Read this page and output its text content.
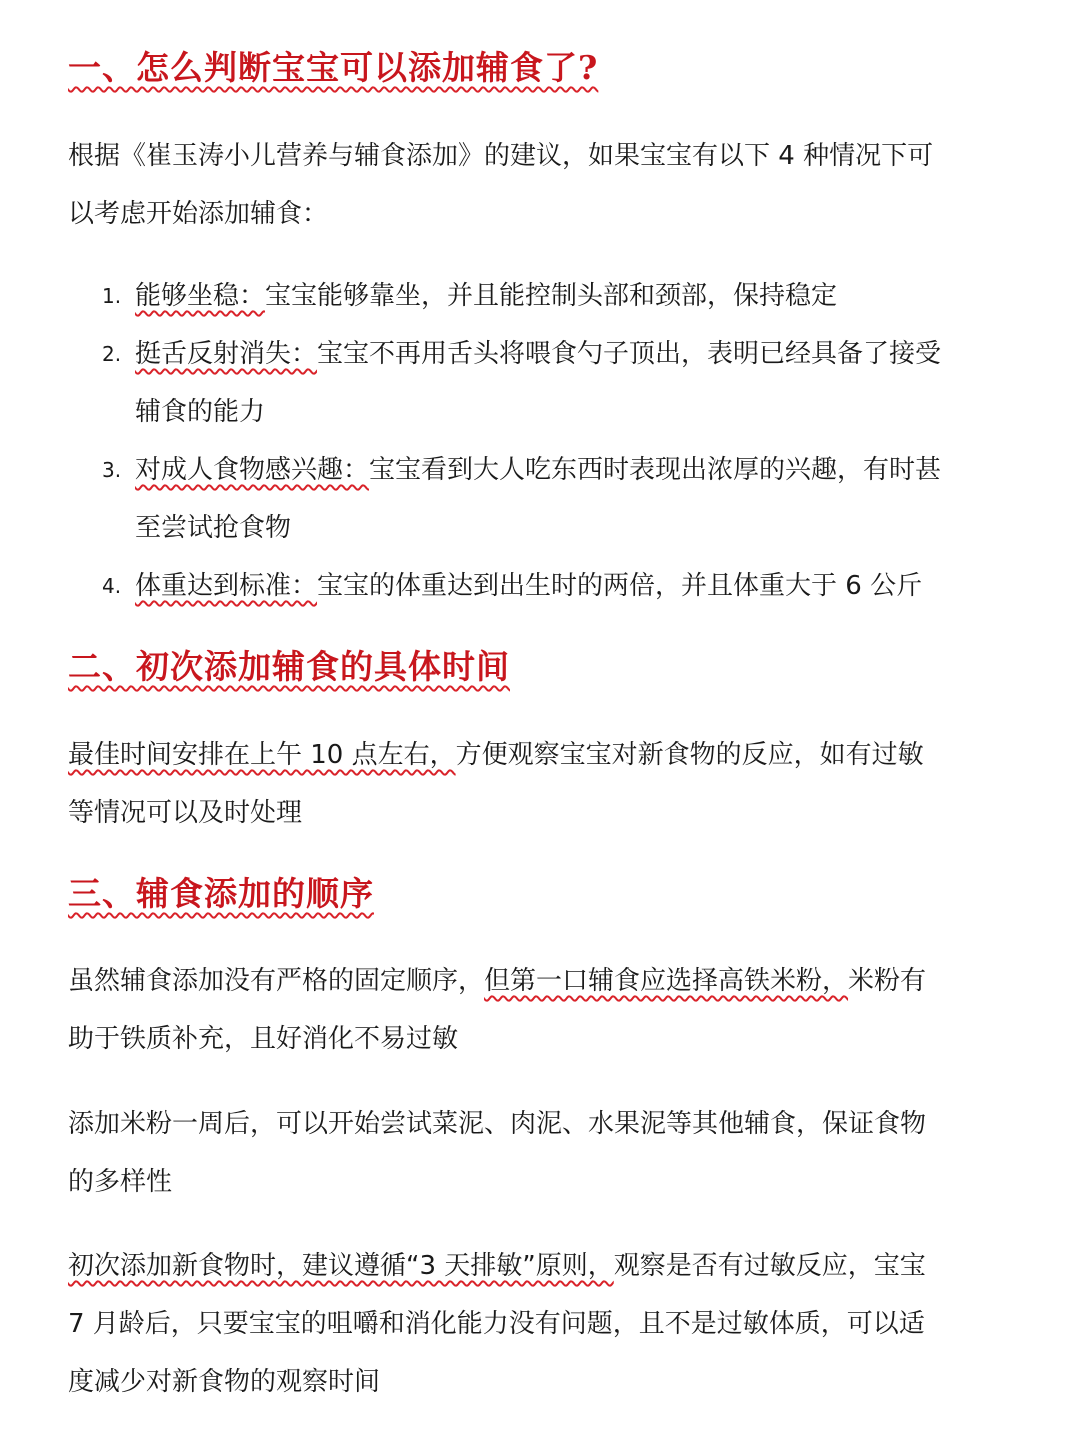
一、怎么判断宝宝可以添加辅食了?

根据《崔玉涛小儿营养与辅食添加》的建议，如果宝宝有以下 4 种情况下可
以考虑开始添加辅食：

1. 能够坐稳：宝宝能够靠坐，并且能控制头部和颈部，保持稳定
2. 挺舌反射消失：宝宝不再用舌头将喂食勺子顶出，表明已经具备了接受
辅食的能力
3. 对成人食物感兴趣：宝宝看到大人吃东西时表现出浓厚的兴趣，有时甚
至尝试抢食物
4. 体重达到标准：宝宝的体重达到出生时的两倍，并且体重大于 6 公斤
二、初次添加辅食的具体时间

最佳时间安排在上午 10 点左右，方便观察宝宝对新食物的反应，如有过敏
等情况可以及时处理

三、辅食添加的顺序

虽然辅食添加没有严格的固定顺序，但第一口辅食应选择高铁米粉，米粉有
助于铁质补充，且好消化不易过敏

添加米粉一周后，可以开始尝试菜泥、肉泥、水果泥等其他辅食，保证食物
的多样性

初次添加新食物时，建议遵循“3 天排敏”原则，观察是否有过敏反应，宝宝
7 月龄后，只要宝宝的咀嚼和消化能力没有问题，且不是过敏体质，可以适
度减少对新食物的观察时间
